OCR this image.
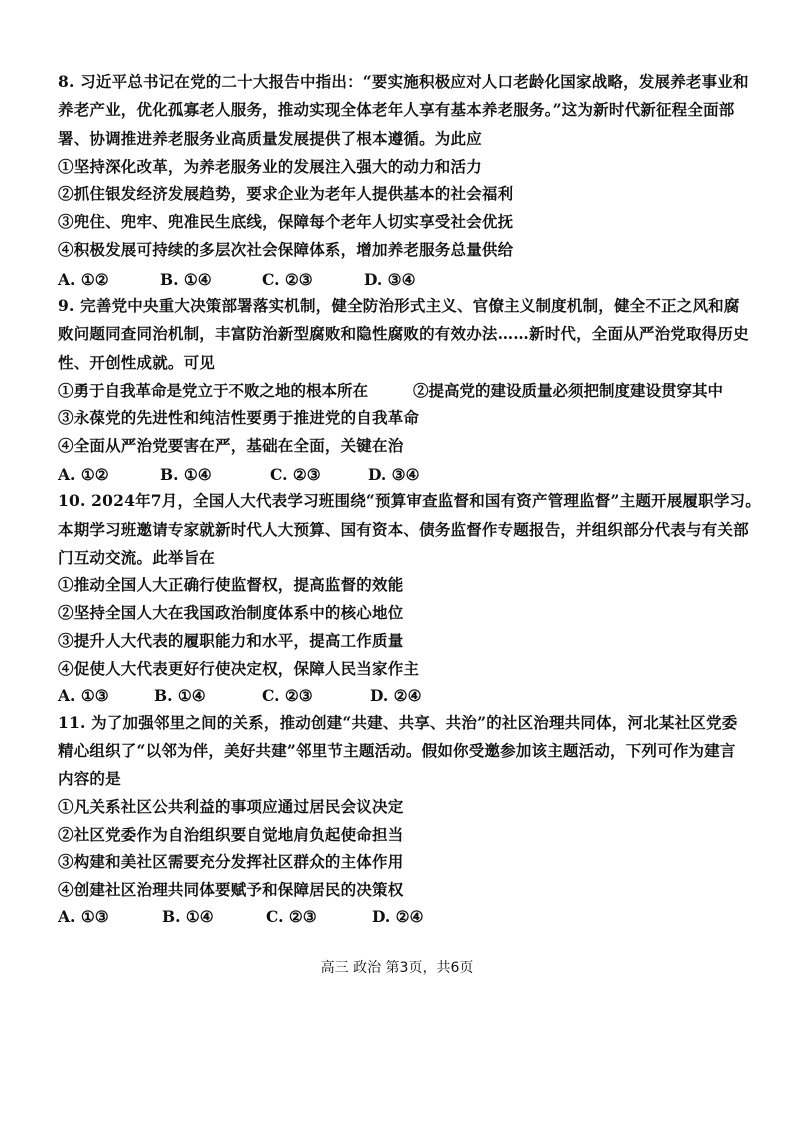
8. 习近平总书记在党的二十大报告中指出：“要实施积极应对人口老龄化国家战略，发展养老事业和
养老产业，优化孤寡老人服务，推动实现全体老年人享有基本养老服务。”这为新时代新征程全面部
署、协调推进养老服务业高质量发展提供了根本遵循。为此应
①坚持深化改革，为养老服务业的发展注入强大的动力和活力
②抓住银发经济发展趋势，要求企业为老年人提供基本的社会福利
③兜住、兜牢、兜准民生底线，保障每个老年人切实享受社会优抚
④积极发展可持续的多层次社会保障体系，增加养老服务总量供给
A. ①②	B. ①④	C. ②③	D. ③④
9. 完善党中央重大决策部署落实机制，健全防治形式主义、官僚主义制度机制，健全不正之风和腐
败问题同查同治机制，丰富防治新型腐败和隐性腐败的有效办法……新时代，全面从严治党取得历史
性、开创性成就。可见
①勇于自我革命是党立于不败之地的根本所在	②提高党的建设质量必须把制度建设贯穿其中
③永葆党的先进性和纯洁性要勇于推进党的自我革命
④全面从严治党要害在严，基础在全面，关键在治
A. ①②	B. ①④	C. ②③	D. ③④
10. 2024年7月，全国人大代表学习班围绕“预算审查监督和国有资产管理监督”主题开展履职学习。
本期学习班邀请专家就新时代人大预算、国有资本、债务监督作专题报告，并组织部分代表与有关部
门互动交流。此举旨在
①推动全国人大正确行使监督权，提高监督的效能
②坚持全国人大在我国政治制度体系中的核心地位
③提升人大代表的履职能力和水平，提高工作质量
④促使人大代表更好行使决定权，保障人民当家作主
A. ①③	B. ①④	C. ②③	D. ②④
11. 为了加强邻里之间的关系，推动创建“共建、共享、共治”的社区治理共同体，河北某社区党委
精心组织了“以邻为伴，美好共建”邻里节主题活动。假如你受邀参加该主题活动，下列可作为建言
内容的是
①凡关系社区公共利益的事项应通过居民会议决定
②社区党委作为自治组织要自觉地肩负起使命担当
③构建和美社区需要充分发挥社区群众的主体作用
④创建社区治理共同体要赋予和保障居民的决策权
A. ①③	B. ①④	C. ②③	D. ②④
高三 政治 第3页，共6页
